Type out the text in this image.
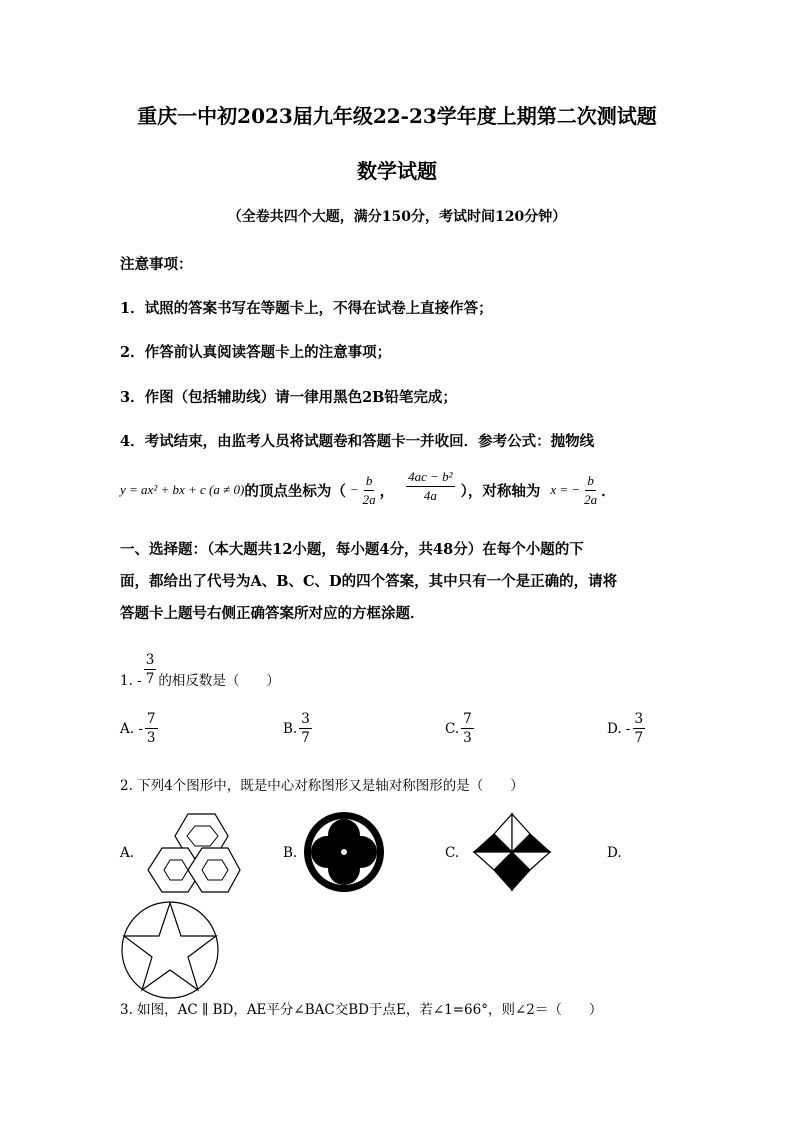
重庆一中初2023届九年级22-23学年度上期第二次测试题
数学试题
（全卷共四个大题，满分150分，考试时间120分钟）
注意事项：
1．试照的答案书写在等题卡上，不得在试卷上直接作答；
2．作答前认真阅读答题卡上的注意事项；
3．作图（包括辅助线）请一律用黑色2B铅笔完成；
4．考试结束，由监考人员将试题卷和答题卡一并收回．参考公式：抛物线
y = ax² + bx + c (a ≠ 0) 的顶点坐标为（ − $\frac{b}{2a}$ ， $\frac{\text{4ac − b²}}{4a}$ ），对称轴为 x = − $\frac{b}{2a}$ ．
一、选择题：（本大题共12小题，每小题4分，共48分）在每个小题的下
面，都给出了代号为A、B、C、D的四个答案，其中只有一个是正确的，请将
答题卡上题号右侧正确答案所对应的方框涂题．
1. - $\frac{3}{7}$ 的相反数是（　　）
A. - $\frac{7}{3}$	B. $\frac{3}{7}$	C. $\frac{7}{3}$	D. - $\frac{3}{7}$
2. 下列4个图形中，既是中心对称图形又是轴对称图形的是（　　）
A.	B.	C.	D.
3. 如图，AC ∥ BD，AE平分∠BAC交BD于点E，若∠1=66°，则∠2＝（　　）
